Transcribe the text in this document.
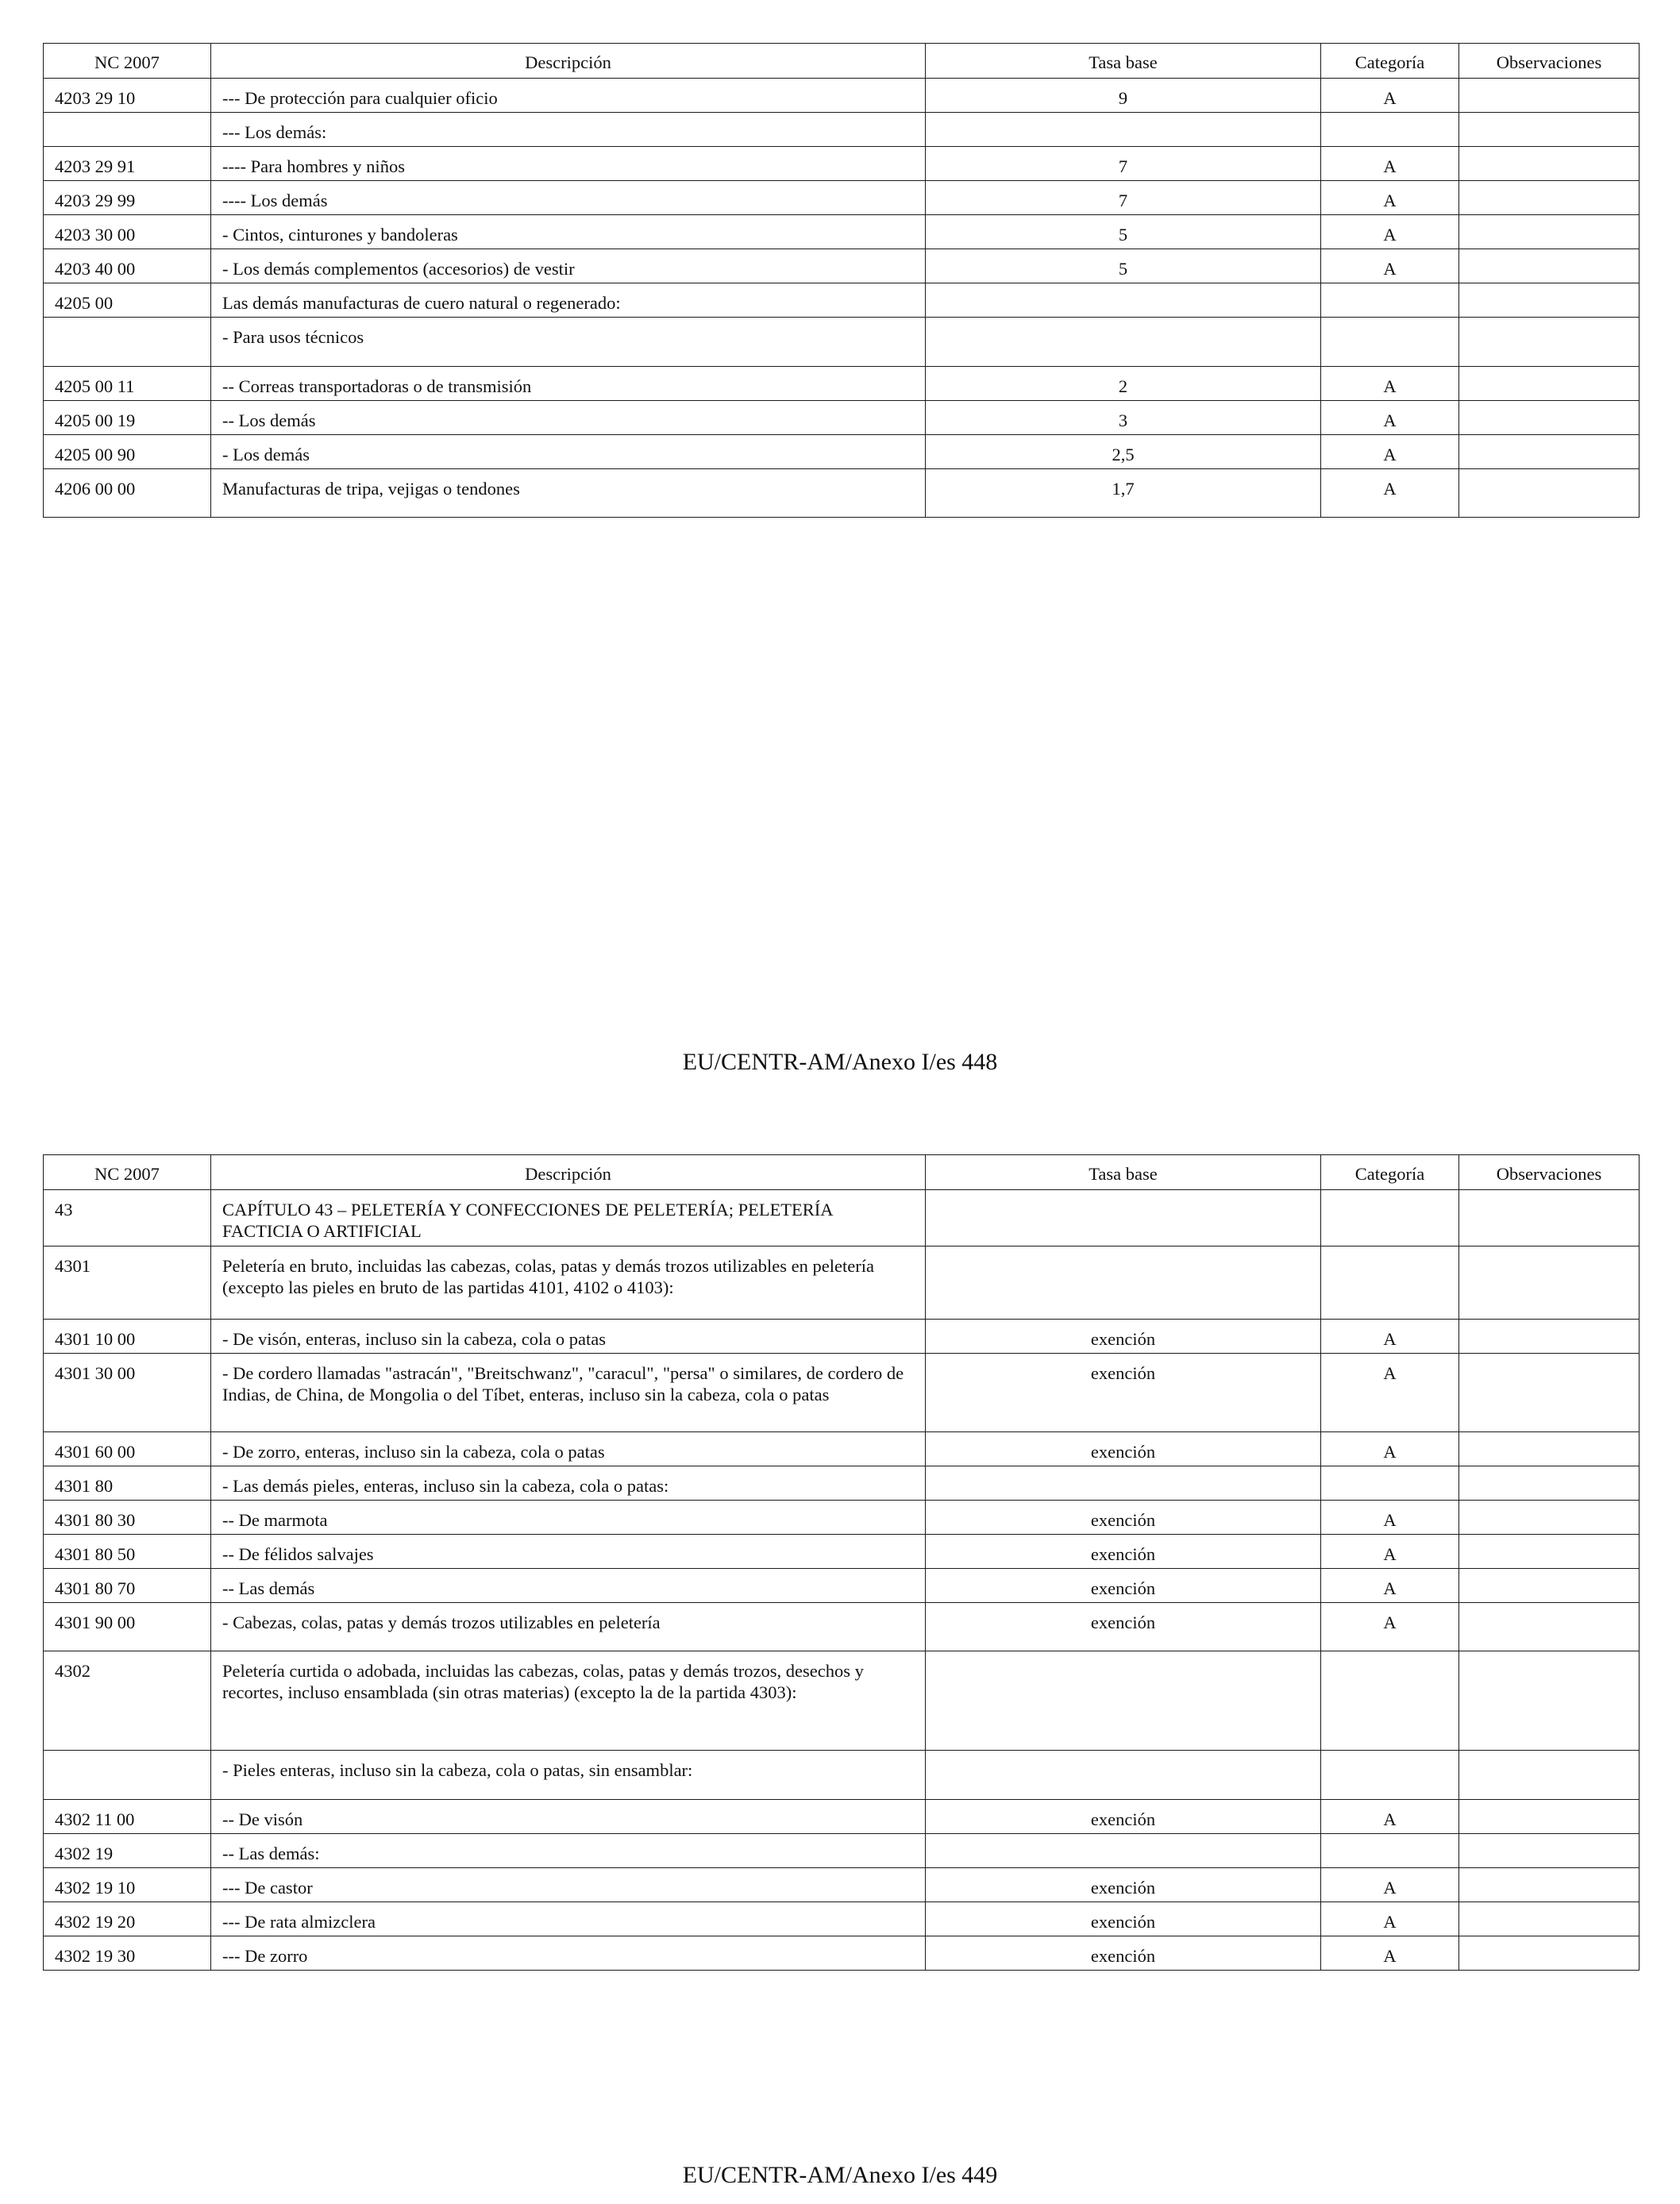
NC 2007	Descripción	Tasa base	Categoría	Observaciones
4203 29 10	--- De protección para cualquier oficio	9	A	
	--- Los demás:			
4203 29 91	---- Para hombres y niños	7	A	
4203 29 99	---- Los demás	7	A	
4203 30 00	- Cintos, cinturones y bandoleras	5	A	
4203 40 00	- Los demás complementos (accesorios) de vestir	5	A	
4205 00	Las demás manufacturas de cuero natural o regenerado:			
	- Para usos técnicos			
4205 00 11	-- Correas transportadoras o de transmisión	2	A	
4205 00 19	-- Los demás	3	A	
4205 00 90	- Los demás	2,5	A	
4206 00 00	Manufacturas de tripa, vejigas o tendones	1,7	A	
EU/CENTR-AM/Anexo I/es 448
NC 2007	Descripción	Tasa base	Categoría	Observaciones
43	CAPÍTULO 43 – PELETERÍA Y CONFECCIONES DE PELETERÍA; PELETERÍA FACTICIA O ARTIFICIAL			
4301	Peletería en bruto, incluidas las cabezas, colas, patas y demás trozos utilizables en peletería (excepto las pieles en bruto de las partidas 4101, 4102 o 4103):			
4301 10 00	- De visón, enteras, incluso sin la cabeza, cola o patas	exención	A	
4301 30 00	- De cordero llamadas "astracán", "Breitschwanz", "caracul", "persa" o similares, de cordero de Indias, de China, de Mongolia o del Tíbet, enteras, incluso sin la cabeza, cola o patas	exención	A	
4301 60 00	- De zorro, enteras, incluso sin la cabeza, cola o patas	exención	A	
4301 80	- Las demás pieles, enteras, incluso sin la cabeza, cola o patas:			
4301 80 30	-- De marmota	exención	A	
4301 80 50	-- De félidos salvajes	exención	A	
4301 80 70	-- Las demás	exención	A	
4301 90 00	- Cabezas, colas, patas y demás trozos utilizables en peletería	exención	A	
4302	Peletería curtida o adobada, incluidas las cabezas, colas, patas y demás trozos, desechos y recortes, incluso ensamblada (sin otras materias) (excepto la de la partida 4303):			
	- Pieles enteras, incluso sin la cabeza, cola o patas, sin ensamblar:			
4302 11 00	-- De visón	exención	A	
4302 19	-- Las demás:			
4302 19 10	--- De castor	exención	A	
4302 19 20	--- De rata almizclera	exención	A	
4302 19 30	--- De zorro	exención	A	
EU/CENTR-AM/Anexo I/es 449
